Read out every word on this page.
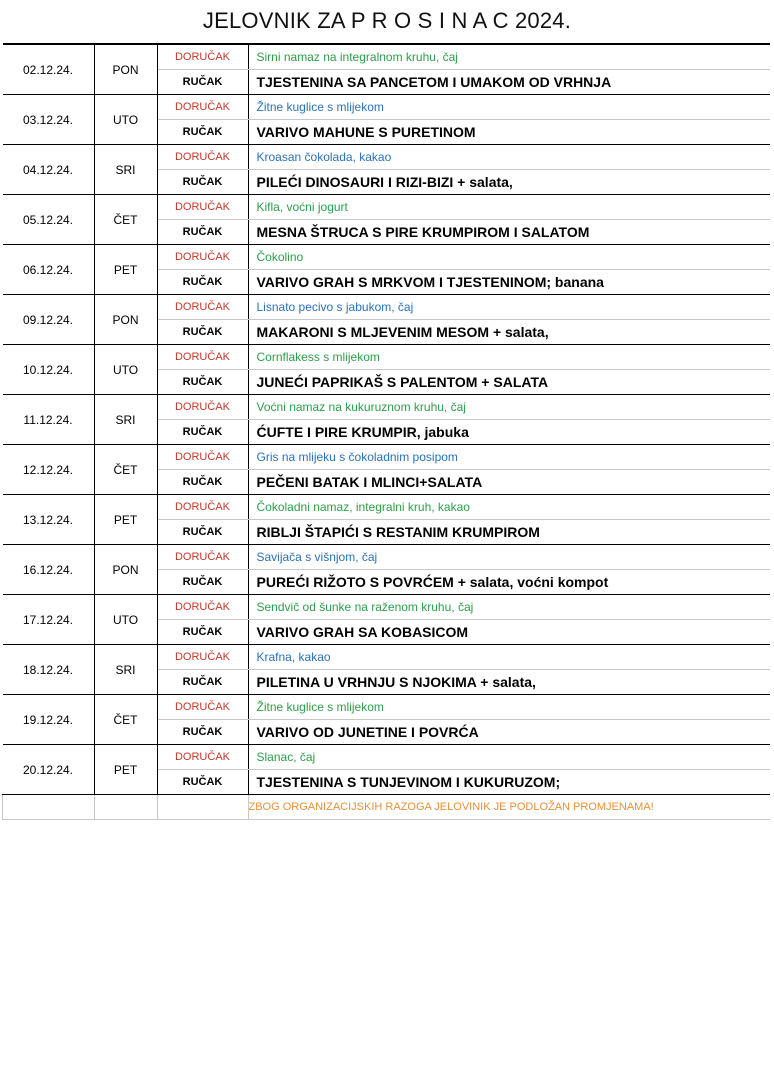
JELOVNIK ZA P R O S I N A C 2024.
02.12.24.	PON	DORUČAK	Sirni namaz na integralnom kruhu, čaj
		RUČAK	TJESTENINA SA PANCETOM I UMAKOM OD VRHNJA
03.12.24.	UTO	DORUČAK	Žitne kuglice s mlijekom
		RUČAK	VARIVO MAHUNE S PURETINOM
04.12.24.	SRI	DORUČAK	Kroasan čokolada, kakao
		RUČAK	PILEĆI DINOSAURI I RIZI-BIZI + salata,
05.12.24.	ČET	DORUČAK	Kifla, voćni jogurt
		RUČAK	MESNA ŠTRUCA S PIRE KRUMPIROM I SALATOM
06.12.24.	PET	DORUČAK	Čokolino
		RUČAK	VARIVO GRAH S MRKVOM I TJESTENINOM; banana
09.12.24.	PON	DORUČAK	Lisnato pecivo s jabukom, čaj
		RUČAK	MAKARONI S MLJEVENIM MESOM + salata,
10.12.24.	UTO	DORUČAK	Cornflakess s mlijekom
		RUČAK	JUNEĆI PAPRIKAŠ S PALENTOM + SALATA
11.12.24.	SRI	DORUČAK	Voćni namaz na kukuruznom kruhu, čaj
		RUČAK	ĆUFTE I PIRE KRUMPIR, jabuka
12.12.24.	ČET	DORUČAK	Gris na mlijeku s čokoladnim posipom
		RUČAK	PEČENI BATAK I MLINCI+SALATA
13.12.24.	PET	DORUČAK	Čokoladni namaz, integralni kruh, kakao
		RUČAK	RIBLJI ŠTAPIĆI S RESTANIM KRUMPIROM
16.12.24.	PON	DORUČAK	Savijača s višnjom, čaj
		RUČAK	PUREĆI RIŽOTO S POVRĆEM + salata, voćni kompot
17.12.24.	UTO	DORUČAK	Sendvič od šunke na raženom kruhu, čaj
		RUČAK	VARIVO GRAH SA KOBASICOM
18.12.24.	SRI	DORUČAK	Krafna, kakao
		RUČAK	PILETINA U VRHNJU S NJOKIMA + salata,
19.12.24.	ČET	DORUČAK	Žitne kuglice s mlijekom
		RUČAK	VARIVO OD JUNETINE I POVRĆA
20.12.24.	PET	DORUČAK	Slanac, čaj
		RUČAK	TJESTENINA S TUNJEVINOM I KUKURUZOM;
			ZBOG ORGANIZACIJSKIH RAZOGA JELOVINIK JE PODLOŽAN PROMJENAMA!
